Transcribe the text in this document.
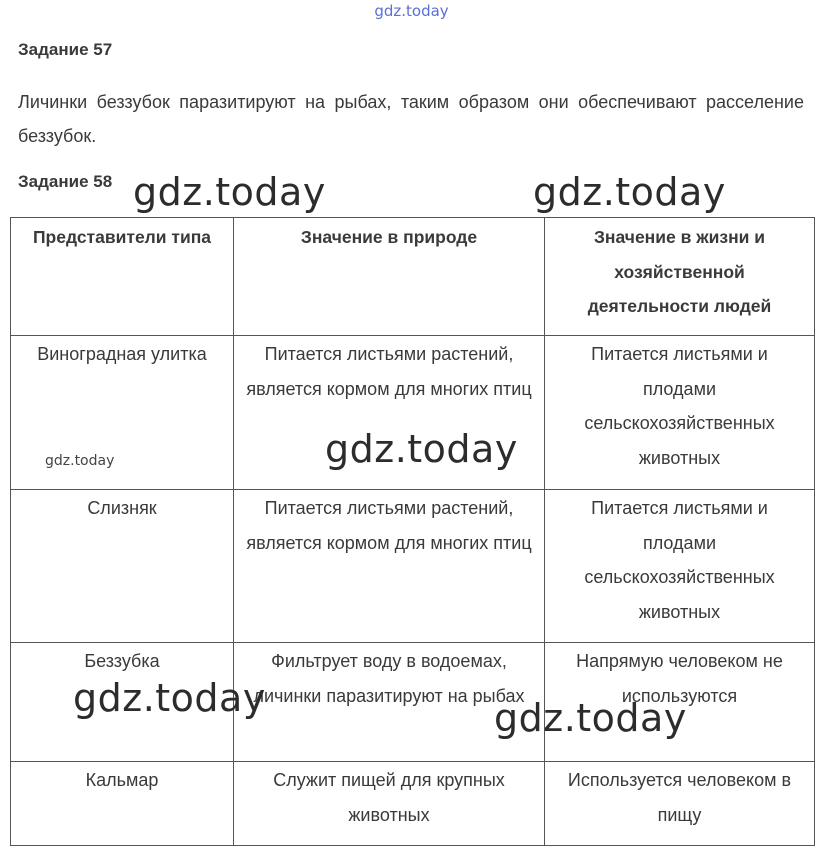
gdz.today
Задание 57
Личинки беззубок паразитируют на рыбах, таким образом они обеспечивают расселение беззубок.
Задание 58
Представители типа	Значение в природе	Значение в жизни и хозяйственной деятельности людей
Виноградная улитка	Питается листьями растений, является кормом для многих птиц	Питается листьями и плодами сельскохозяйственных животных
Слизняк	Питается листьями растений, является кормом для многих птиц	Питается листьями и плодами сельскохозяйственных животных
Беззубка	Фильтрует воду в водоемах, личинки паразитируют на рыбах	Напрямую человеком не используются
Кальмар	Служит пищей для крупных животных	Используется человеком в пищу
gdz.today	gdz.today
gdz.today
gdz.today	gdz.today
gdz.today
